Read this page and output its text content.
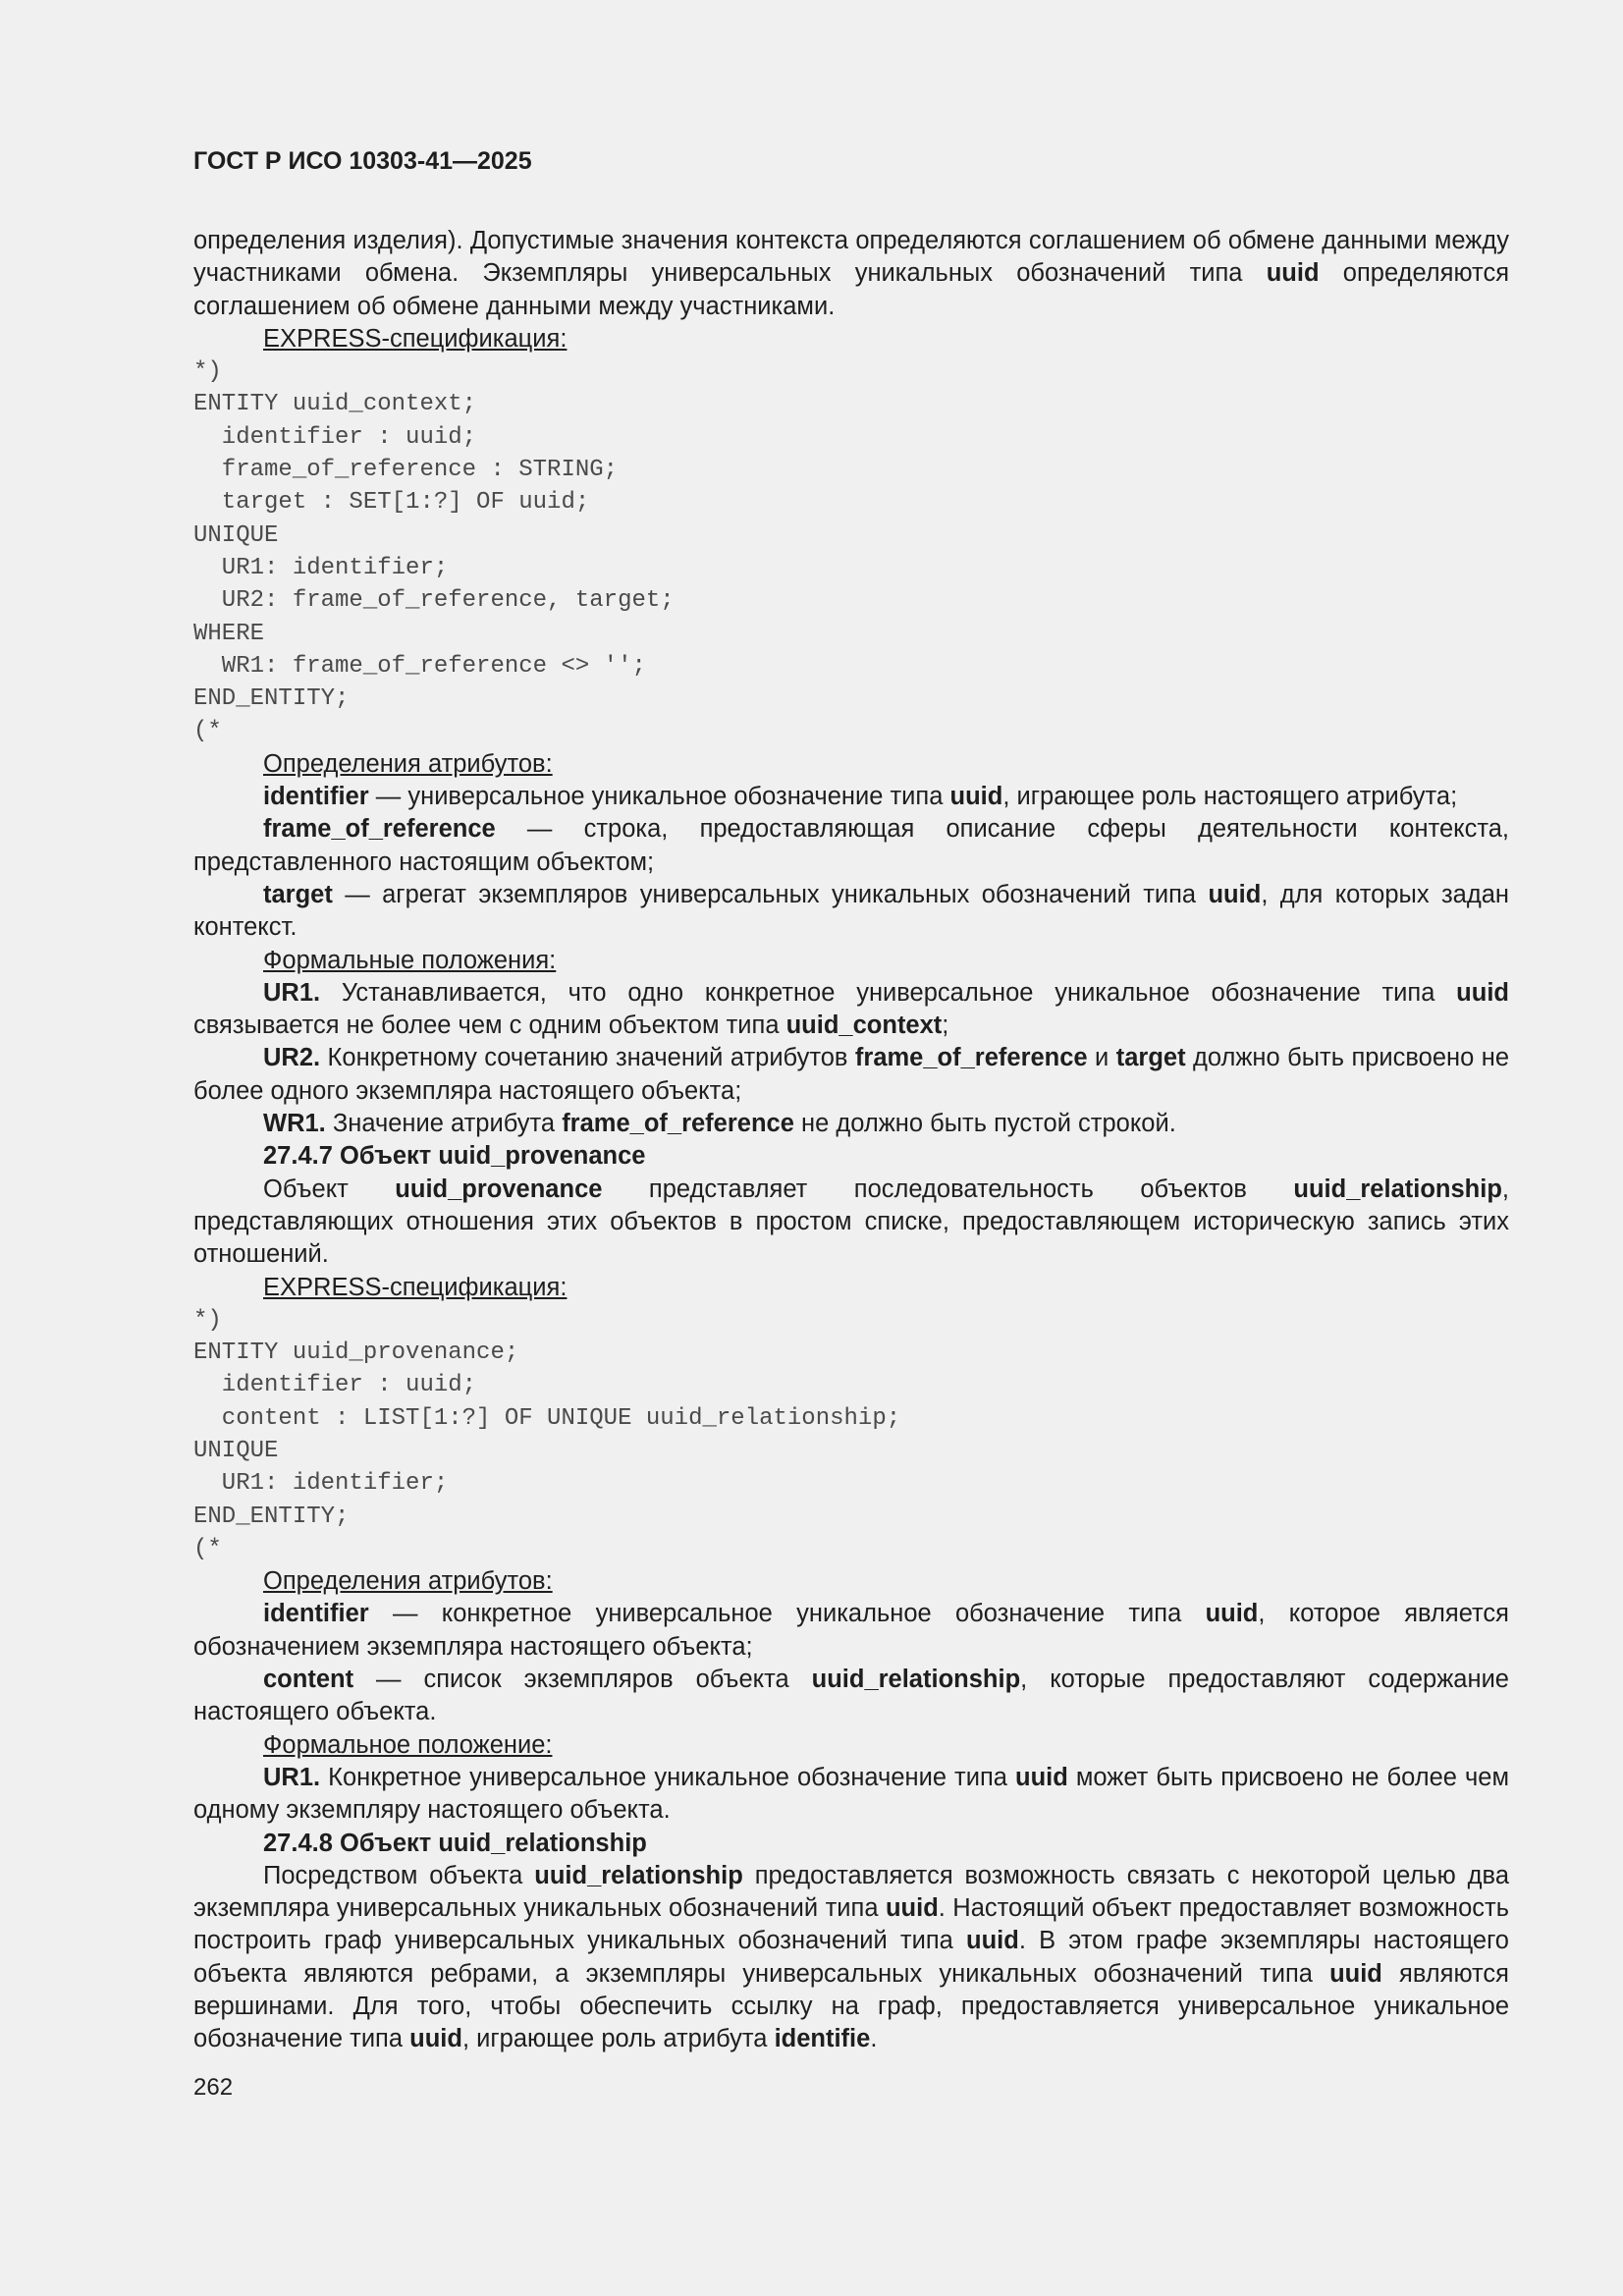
ГОСТ Р ИСО 10303-41—2025

определения изделия). Допустимые значения контекста определяются соглашением об обмене данными между участниками обмена. Экземпляры универсальных уникальных обозначений типа uuid определяются соглашением об обмене данными между участниками.

EXPRESS-спецификация:

*)
ENTITY uuid_context;
identifier : uuid;
frame_of_reference : STRING;
target : SET[1:?] OF uuid;
UNIQUE
UR1: identifier;
UR2: frame_of_reference, target;
WHERE
WR1: frame_of_reference <> '';
END_ENTITY;
(*

Определения атрибутов:

identifier — универсальное уникальное обозначение типа uuid, играющее роль настоящего атрибута;

frame_of_reference — строка, предоставляющая описание сферы деятельности контекста, представленного настоящим объектом;

target — агрегат экземпляров универсальных уникальных обозначений типа uuid, для которых задан контекст.

Формальные положения:

UR1. Устанавливается, что одно конкретное универсальное уникальное обозначение типа uuid связывается не более чем с одним объектом типа uuid_context;

UR2. Конкретному сочетанию значений атрибутов frame_of_reference и target должно быть присвоено не более одного экземпляра настоящего объекта;

WR1. Значение атрибута frame_of_reference не должно быть пустой строкой.

27.4.7 Объект uuid_provenance

Объект uuid_provenance представляет последовательность объектов uuid_relationship, представляющих отношения этих объектов в простом списке, предоставляющем историческую запись этих отношений.

EXPRESS-спецификация:

*)
ENTITY uuid_provenance;
identifier : uuid;
content : LIST[1:?] OF UNIQUE uuid_relationship;
UNIQUE
UR1: identifier;
END_ENTITY;
(*

Определения атрибутов:

identifier — конкретное универсальное уникальное обозначение типа uuid, которое является обозначением экземпляра настоящего объекта;

content — список экземпляров объекта uuid_relationship, которые предоставляют содержание настоящего объекта.

Формальное положение:

UR1. Конкретное универсальное уникальное обозначение типа uuid может быть присвоено не более чем одному экземпляру настоящего объекта.

27.4.8 Объект uuid_relationship

Посредством объекта uuid_relationship предоставляется возможность связать с некоторой целью два экземпляра универсальных уникальных обозначений типа uuid. Настоящий объект предоставляет возможность построить граф универсальных уникальных обозначений типа uuid. В этом графе экземпляры настоящего объекта являются ребрами, а экземпляры универсальных уникальных обозначений типа uuid являются вершинами. Для того, чтобы обеспечить ссылку на граф, предоставляется универсальное уникальное обозначение типа uuid, играющее роль атрибута identifie.

262
